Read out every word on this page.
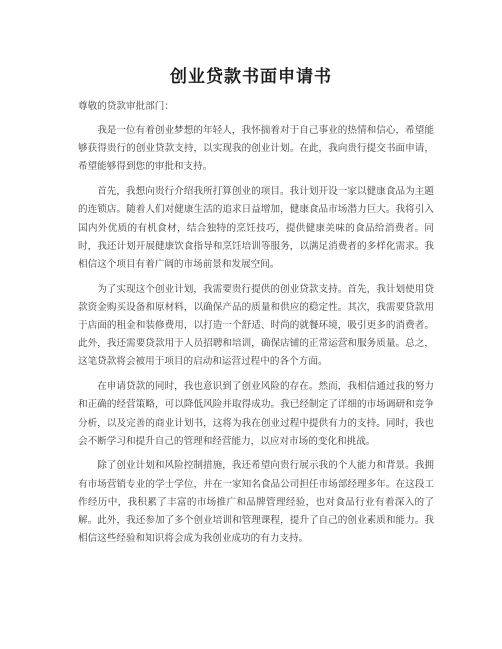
创业贷款书面申请书

尊敬的贷款审批部门：

我是一位有着创业梦想的年轻人，我怀揣着对于自己事业的热情和信心，希望能够获得贵行的创业贷款支持，以实现我的创业计划。在此，我向贵行提交书面申请，希望能够得到您的审批和支持。

首先，我想向贵行介绍我所打算创业的项目。我计划开设一家以健康食品为主题的连锁店。随着人们对健康生活的追求日益增加，健康食品市场潜力巨大。我将引入国内外优质的有机食材，结合独特的烹饪技巧，提供健康美味的食品给消费者。同时，我还计划开展健康饮食指导和烹饪培训等服务，以满足消费者的多样化需求。我相信这个项目有着广阔的市场前景和发展空间。

为了实现这个创业计划，我需要贵行提供的创业贷款支持。首先，我计划使用贷款资金购买设备和原材料，以确保产品的质量和供应的稳定性。其次，我需要贷款用于店面的租金和装修费用，以打造一个舒适、时尚的就餐环境，吸引更多的消费者。此外，我还需要贷款用于人员招聘和培训，确保店铺的正常运营和服务质量。总之，这笔贷款将会被用于项目的启动和运营过程中的各个方面。

在申请贷款的同时，我也意识到了创业风险的存在。然而，我相信通过我的努力和正确的经营策略，可以降低风险并取得成功。我已经制定了详细的市场调研和竞争分析，以及完善的商业计划书，这将为我在创业过程中提供有力的支持。同时，我也会不断学习和提升自己的管理和经营能力，以应对市场的变化和挑战。

除了创业计划和风险控制措施，我还希望向贵行展示我的个人能力和背景。我拥有市场营销专业的学士学位，并在一家知名食品公司担任市场部经理多年。在这段工作经历中，我积累了丰富的市场推广和品牌管理经验，也对食品行业有着深入的了解。此外，我还参加了多个创业培训和管理课程，提升了自己的创业素质和能力。我相信这些经验和知识将会成为我创业成功的有力支持。
